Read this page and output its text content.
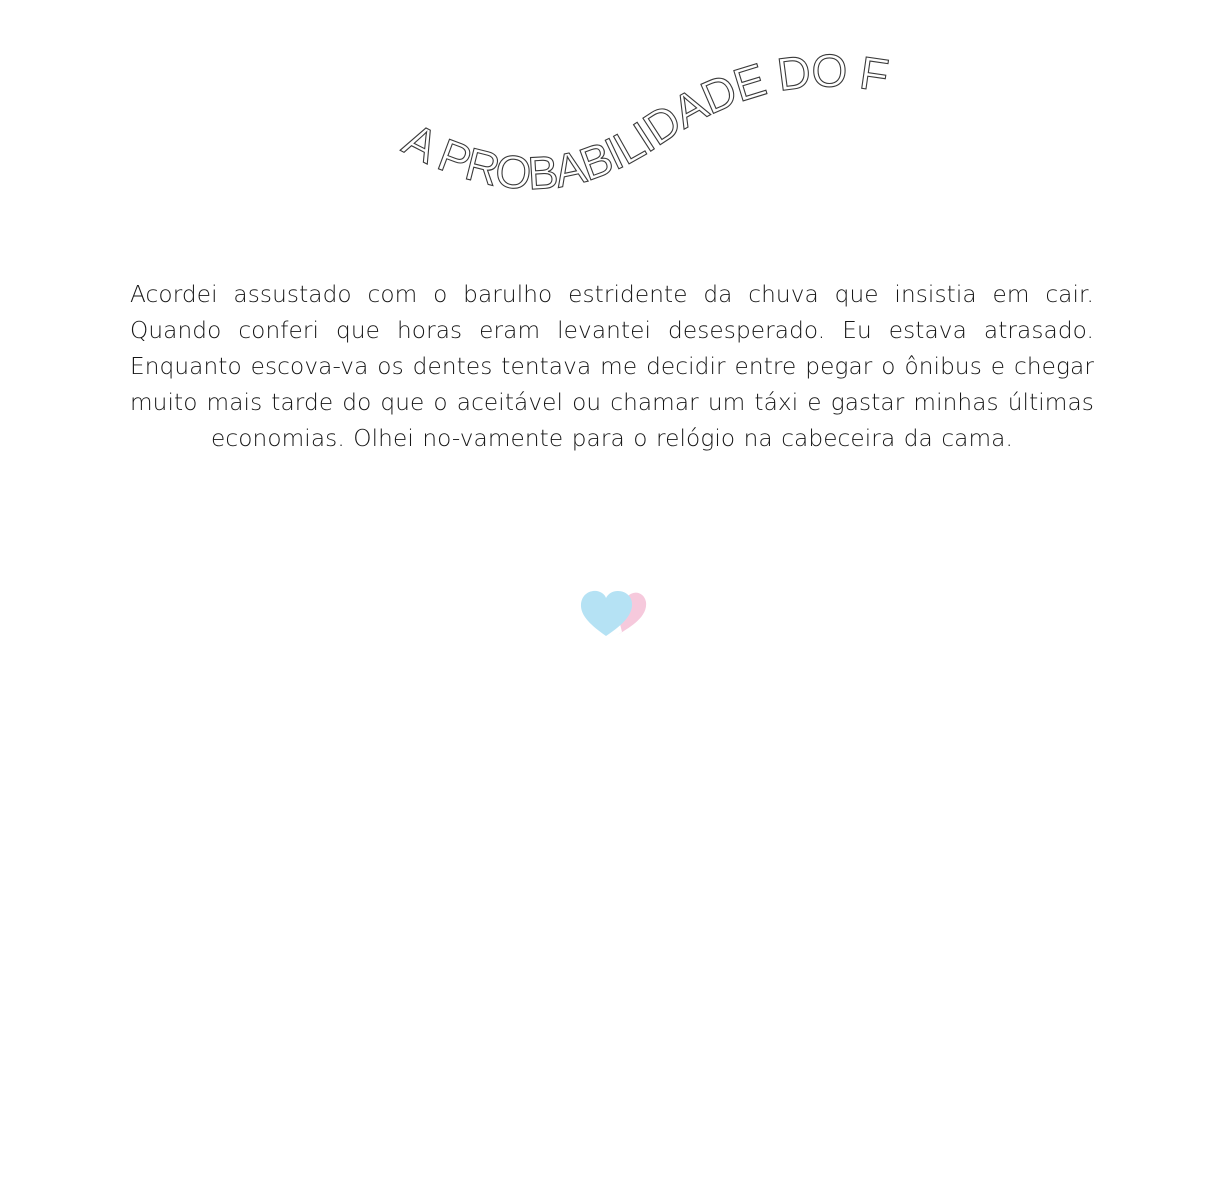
A PROBABILIDADE DO FUTURO DE NÓS DOIS

Acordei assustado com o barulho estridente da chuva que insistia em cair. Quando conferi que horas eram levantei desesperado. Eu estava atrasado. Enquanto escova-va os dentes tentava me decidir entre pegar o ônibus e chegar muito mais tarde do que o aceitável ou chamar um táxi e gastar minhas últimas economias. Olhei no-vamente para o relógio na cabeceira da cama.
